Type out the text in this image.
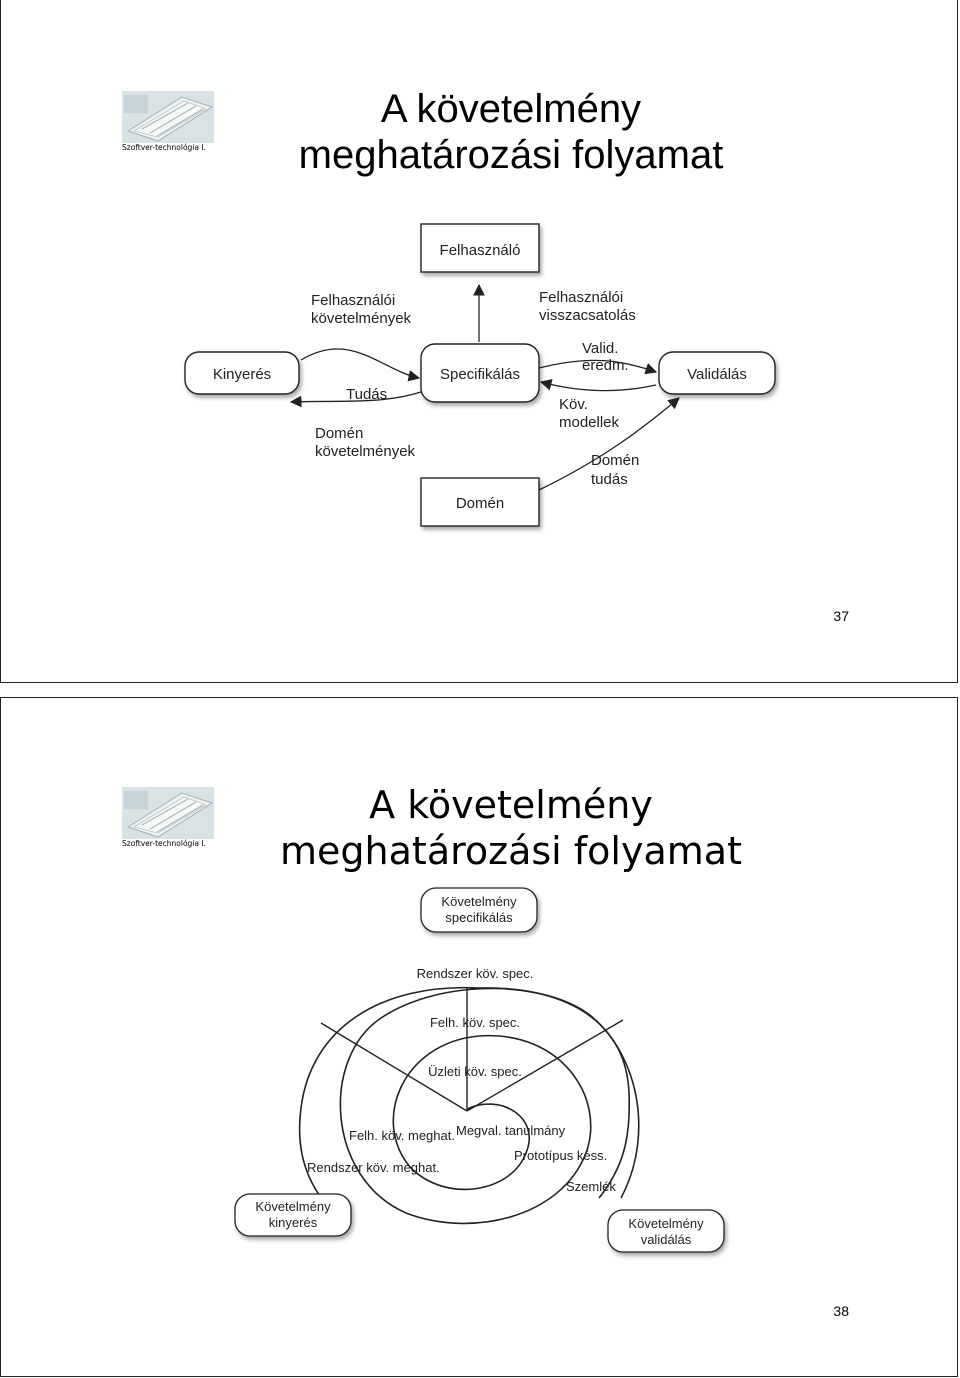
Szoftver-technológia I.
A követelmény
meghatározási folyamat
Felhasználó
Kinyerés	Specifikálás	Validálás
Domén
Felhasználói
követelmények
Felhasználói
visszacsatolás
Tudás
Domén
követelmények
Valid.
eredm.
Köv.
modellek
Domén
tudás
37
Szoftver-technológia I.
A követelmény
meghatározási folyamat
Követelmény
specifikálás
Követelmény
kinyerés	Követelmény
validálás
Rendszer köv. spec.
Felh. köv. spec.
Üzleti köv. spec.
Felh. köv. meghat. Megval. tanulmány
Rendszer köv. meghat.
Prototípus késs.
Szemlék
38
